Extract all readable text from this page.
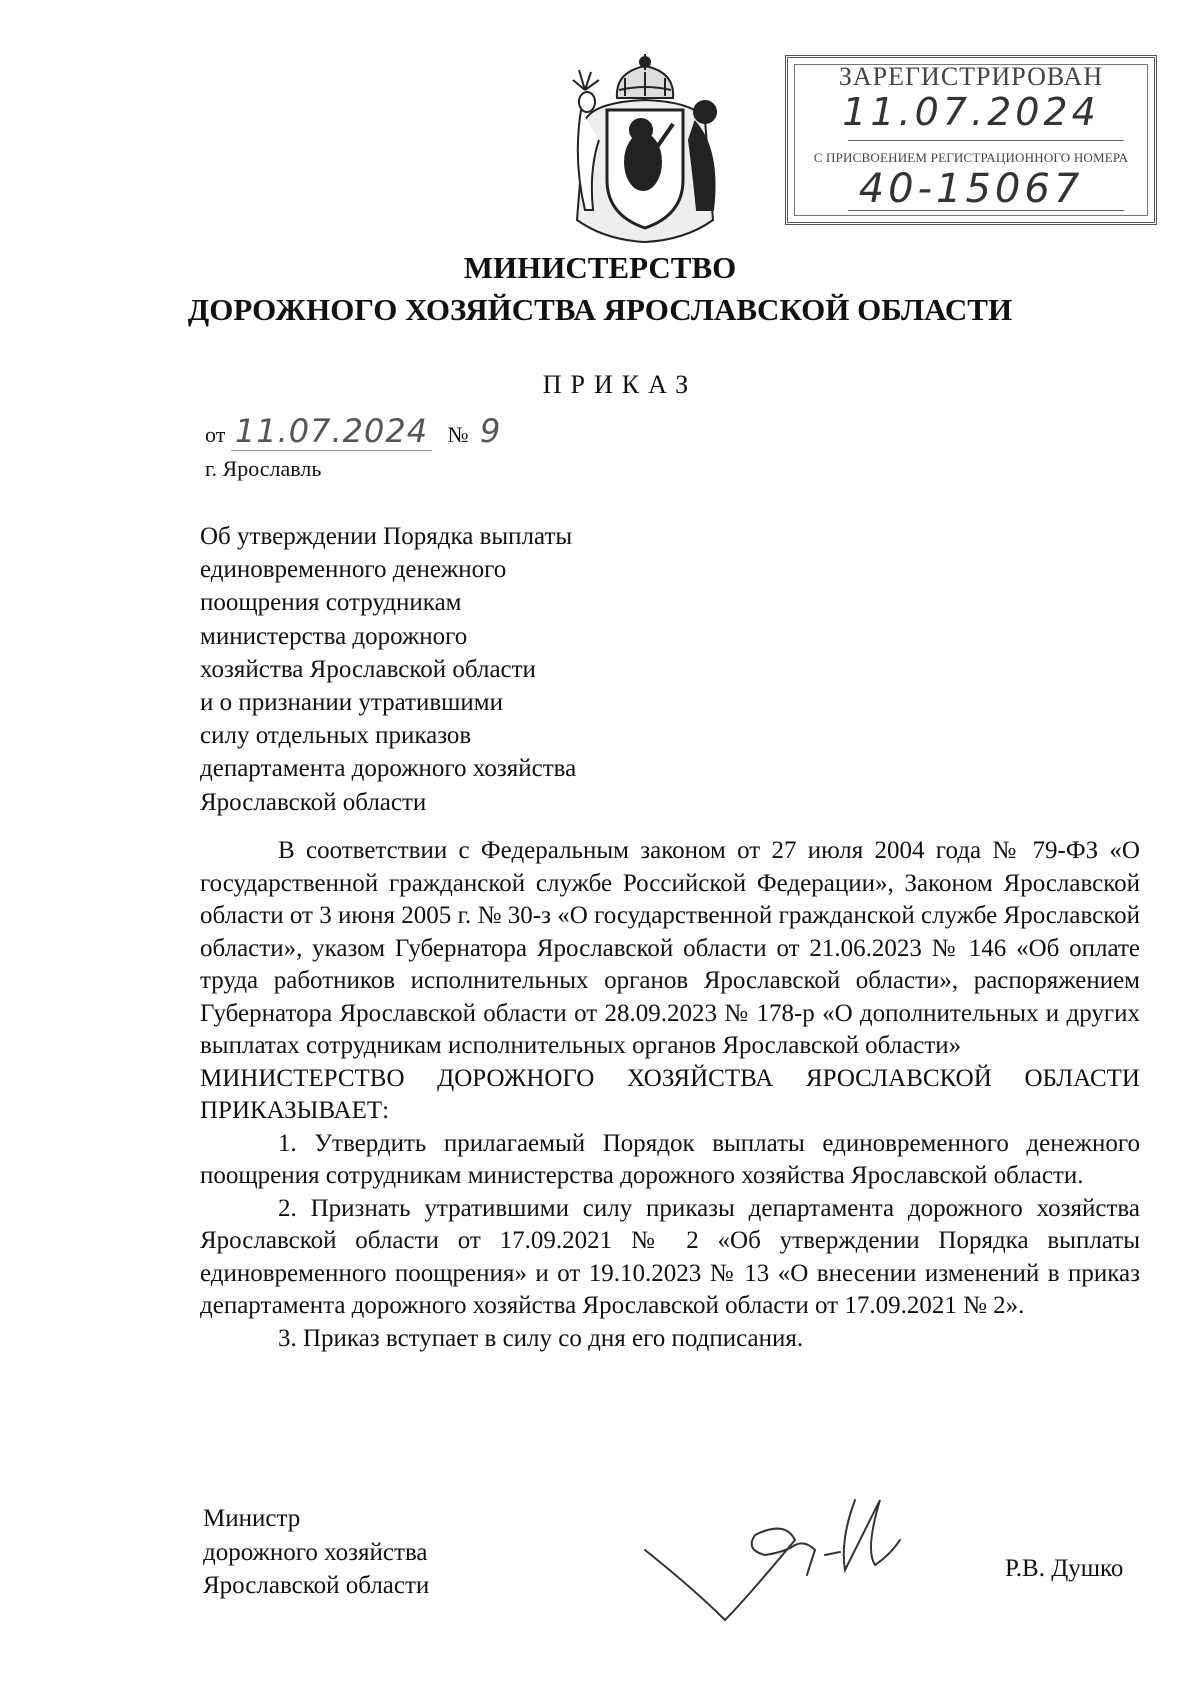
ЗАРЕГИСТРИРОВАН
11.07.2024
С ПРИСВОЕНИЕМ РЕГИСТРАЦИОННОГО НОМЕРА
40-15067
МИНИСТЕРСТВО
ДОРОЖНОГО ХОЗЯЙСТВА ЯРОСЛАВСКОЙ ОБЛАСТИ
ПРИКАЗ
от 11.07.2024 № 9
г. Ярославль
Об утверждении Порядка выплаты
единовременного денежного
поощрения сотрудникам
министерства дорожного
хозяйства Ярославской области
и о признании утратившими
силу отдельных приказов
департамента дорожного хозяйства
Ярославской области

В соответствии с Федеральным законом от 27 июля 2004 года № 79-ФЗ «О государственной гражданской службе Российской Федерации», Законом Ярославской области от 3 июня 2005 г. № 30-з «О государственной гражданской службе Ярославской области», указом Губернатора Ярославской области от 21.06.2023 № 146 «Об оплате труда работников исполнительных органов Ярославской области», распоряжением Губернатора Ярославской области от 28.09.2023 № 178-р «О дополнительных и других выплатах сотрудникам исполнительных органов Ярославской области»

МИНИСТЕРСТВО ДОРОЖНОГО ХОЗЯЙСТВА ЯРОСЛАВСКОЙ ОБЛАСТИ ПРИКАЗЫВАЕТ:

1. Утвердить прилагаемый Порядок выплаты единовременного денежного поощрения сотрудникам министерства дорожного хозяйства Ярославской области.

2. Признать утратившими силу приказы департамента дорожного хозяйства Ярославской области от 17.09.2021 № 2 «Об утверждении Порядка выплаты единовременного поощрения» и от 19.10.2023 № 13 «О внесении изменений в приказ департамента дорожного хозяйства Ярославской области от 17.09.2021 № 2».

3. Приказ вступает в силу со дня его подписания.

Министр
дорожного хозяйства
Ярославской области
Р.В. Душко
